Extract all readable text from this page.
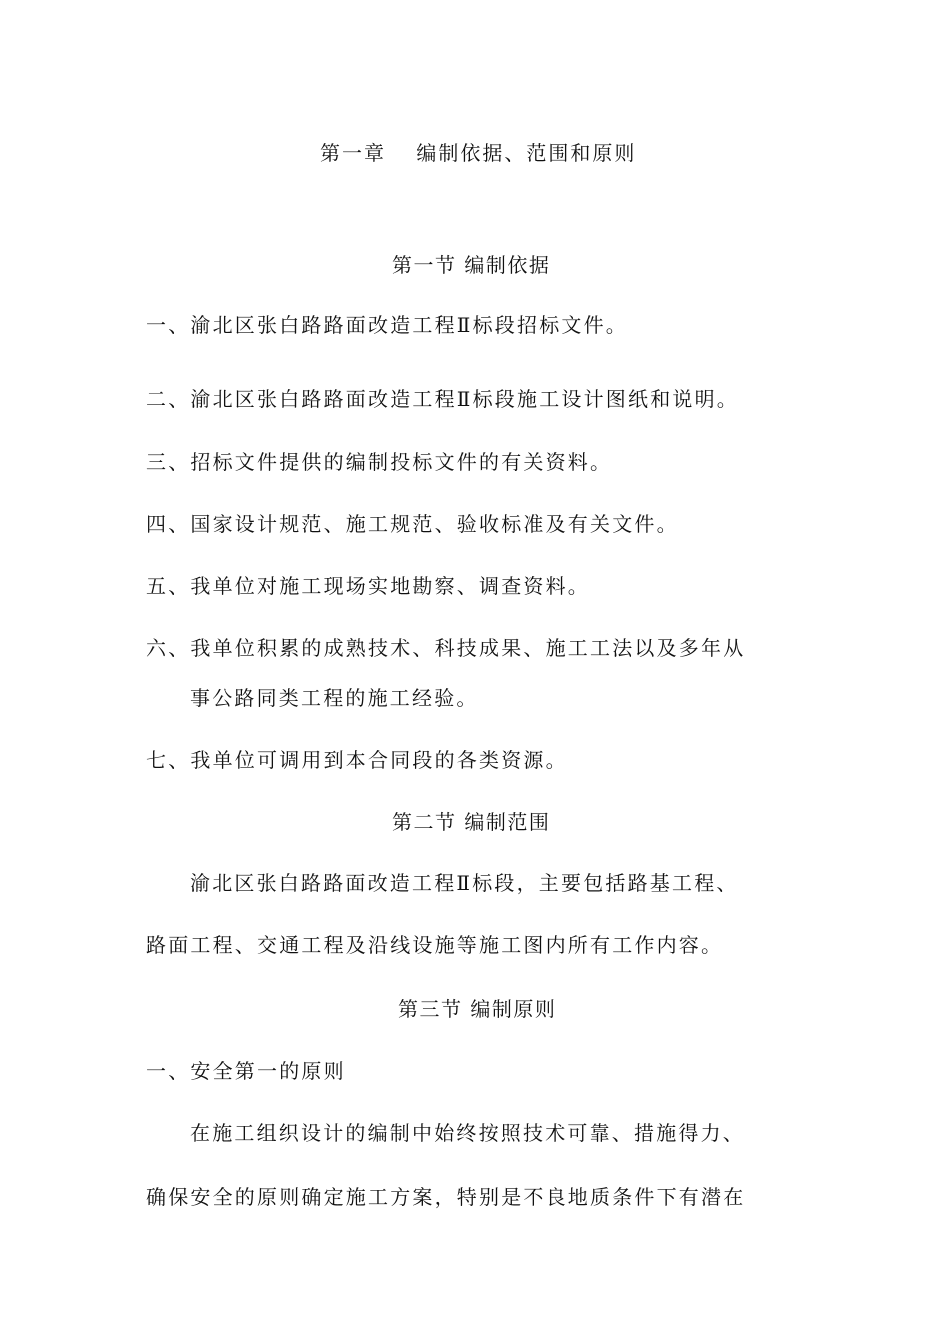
第一章　 编制依据、范围和原则
第一节 编制依据
一、渝北区张白路路面改造工程Ⅱ标段招标文件。
二、渝北区张白路路面改造工程Ⅱ标段施工设计图纸和说明。
三、招标文件提供的编制投标文件的有关资料。
四、国家设计规范、施工规范、验收标准及有关文件。
五、我单位对施工现场实地勘察、调查资料。
六、我单位积累的成熟技术、科技成果、施工工法以及多年从
事公路同类工程的施工经验。
七、我单位可调用到本合同段的各类资源。
第二节 编制范围
渝北区张白路路面改造工程Ⅱ标段，主要包括路基工程、
路面工程、交通工程及沿线设施等施工图内所有工作内容。
第三节 编制原则
一、安全第一的原则
在施工组织设计的编制中始终按照技术可靠、措施得力、
确保安全的原则确定施工方案，特别是不良地质条件下有潜在
